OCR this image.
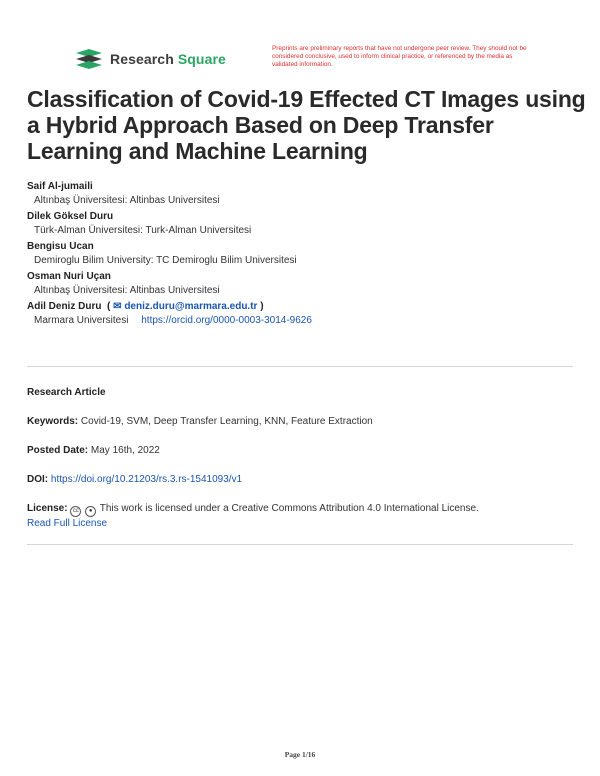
Research Square
Preprints are preliminary reports that have not undergone peer review. They should not be considered conclusive, used to inform clinical practice, or referenced by the media as validated information.
Classification of Covid-19 Effected CT Images using a Hybrid Approach Based on Deep Transfer Learning and Machine Learning
Saif Al-jumaili
Altınbaş Üniversitesi: Altinbas Universitesi
Dilek Göksel Duru
Türk-Alman Üniversitesi: Turk-Alman Universitesi
Bengisu Ucan
Demiroglu Bilim University: TC Demiroglu Bilim Universitesi
Osman Nuri Uçan
Altınbaş Üniversitesi: Altinbas Universitesi
Adil Deniz Duru ( ✉ deniz.duru@marmara.edu.tr )
Marmara Universitesi https://orcid.org/0000-0003-3014-9626
Research Article
Keywords: Covid-19, SVM, Deep Transfer Learning, KNN, Feature Extraction
Posted Date: May 16th, 2022
DOI: https://doi.org/10.21203/rs.3.rs-1541093/v1
License: cc ● This work is licensed under a Creative Commons Attribution 4.0 International License.
Read Full License
Page 1/16
